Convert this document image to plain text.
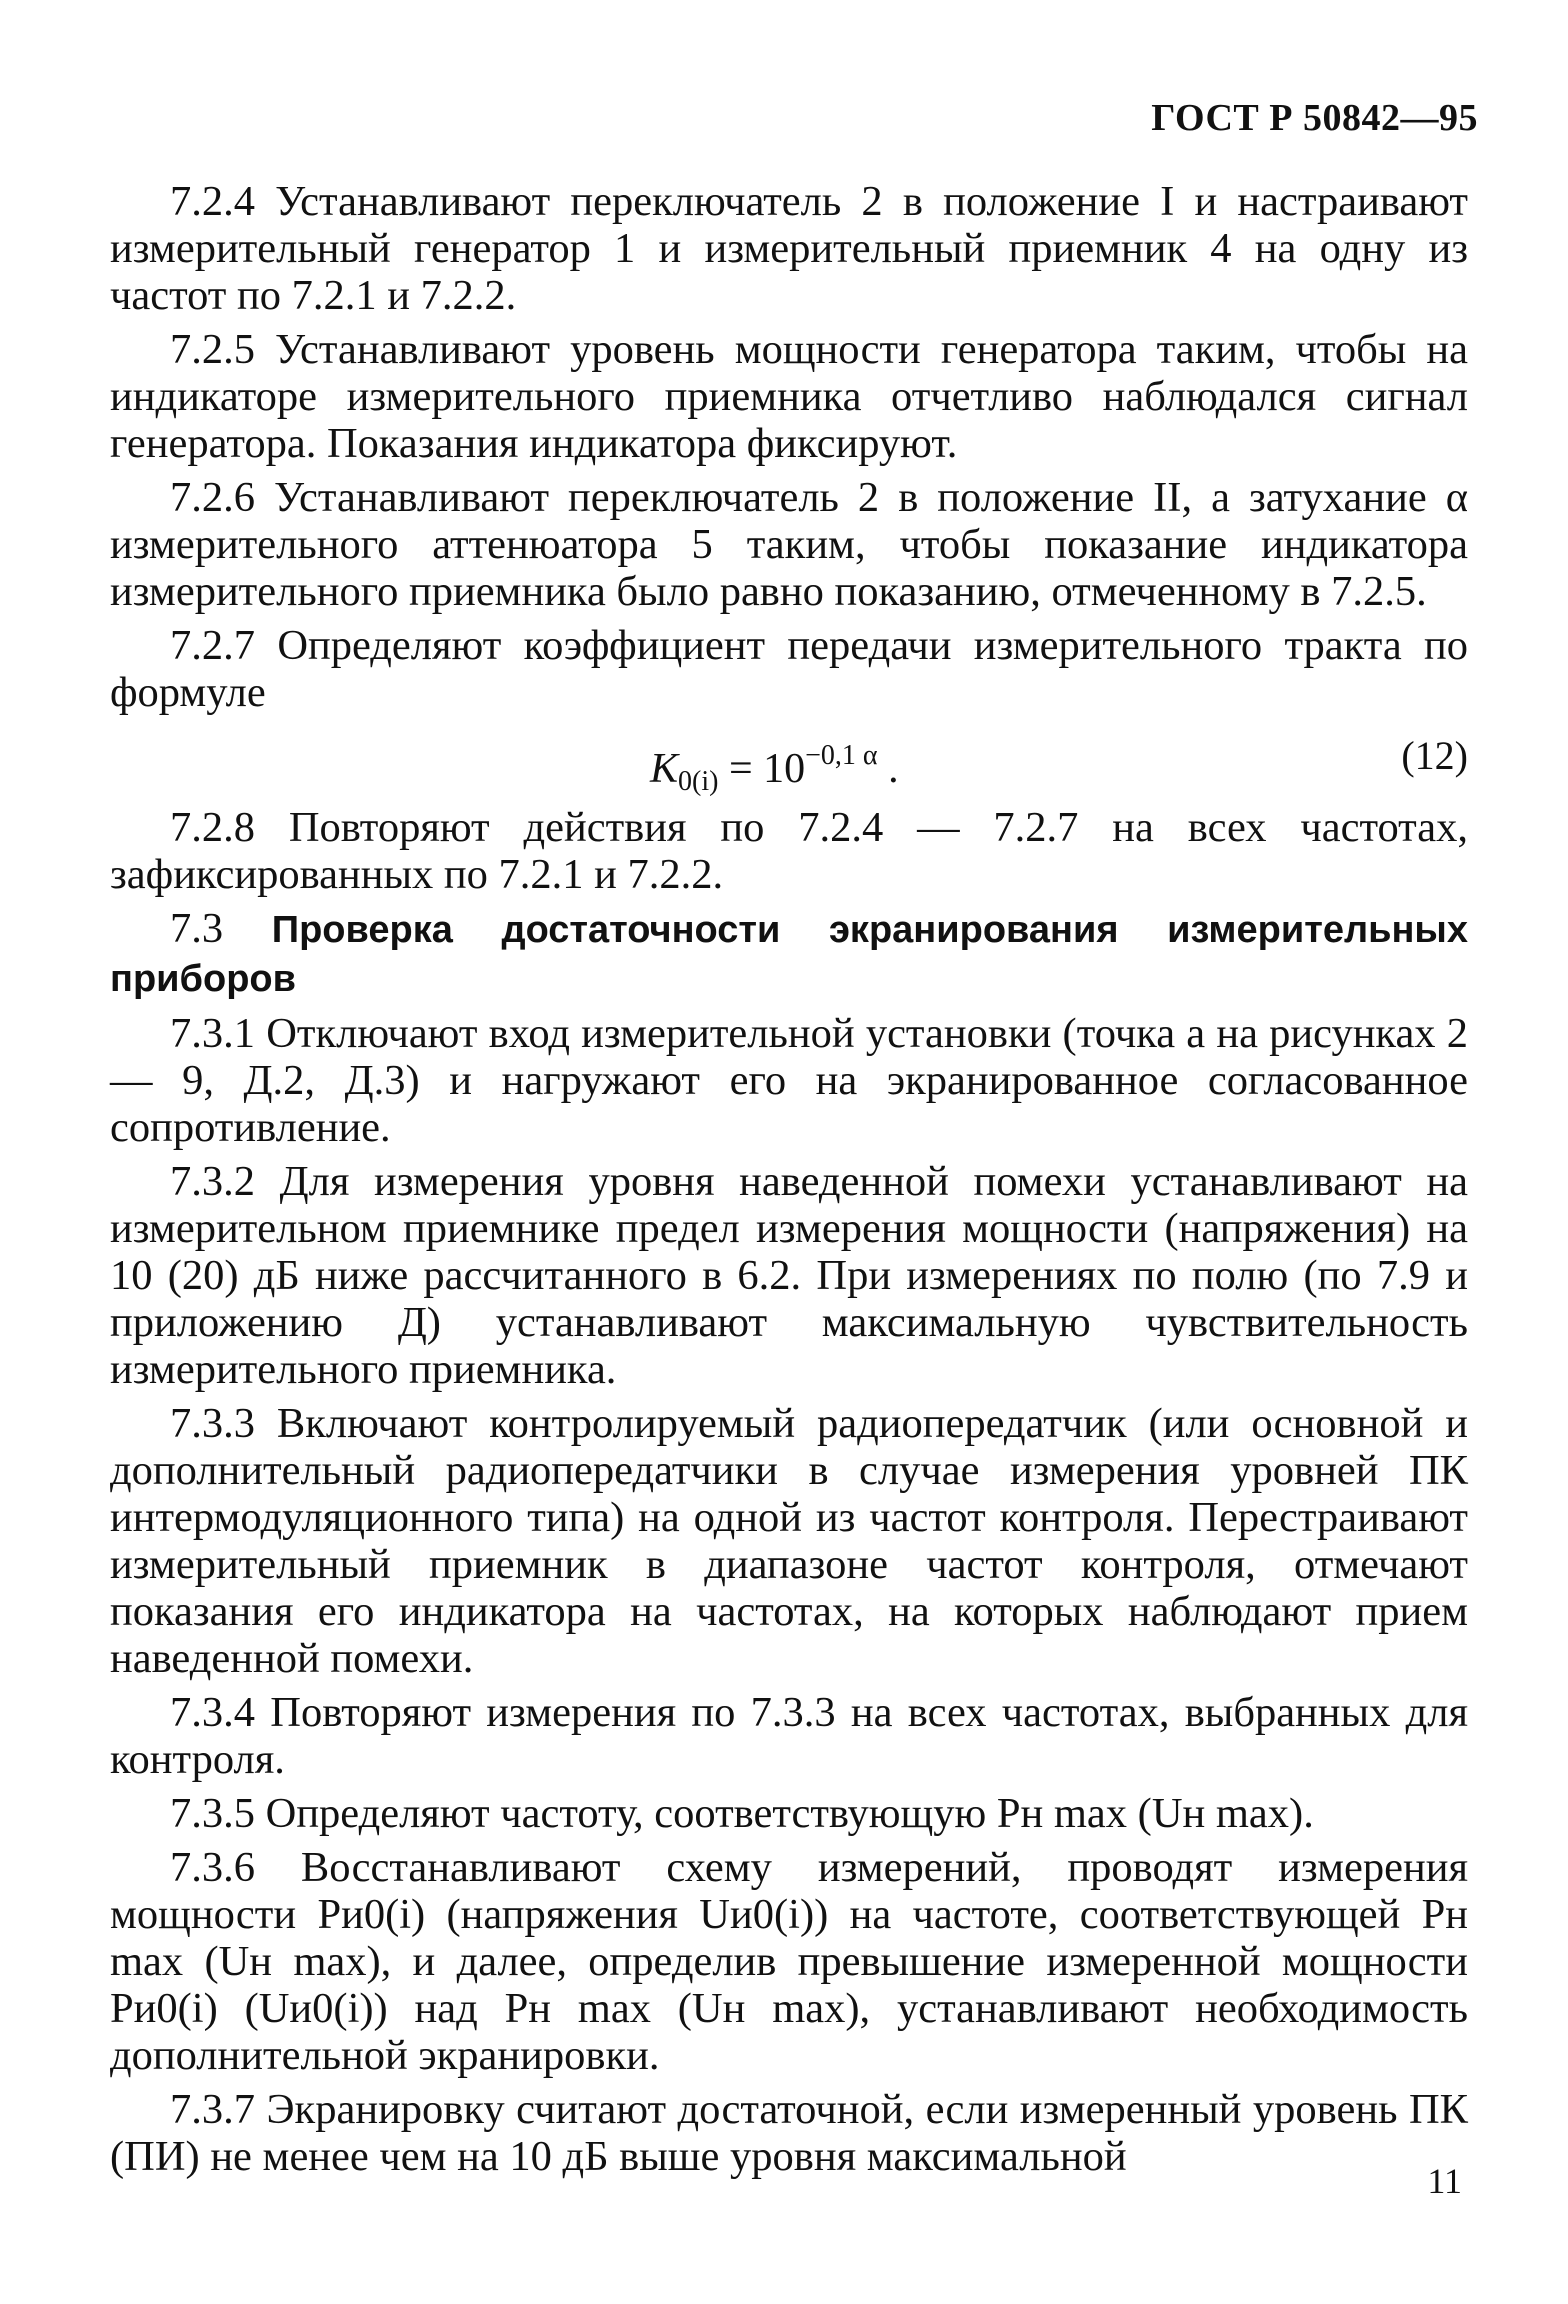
ГОСТ Р 50842—95

7.2.4 Устанавливают переключатель 2 в положение I и настраивают измерительный генератор 1 и измерительный приемник 4 на одну из частот по 7.2.1 и 7.2.2.

7.2.5 Устанавливают уровень мощности генератора таким, чтобы на индикаторе измерительного приемника отчетливо наблюдался сигнал генератора. Показания индикатора фиксируют.

7.2.6 Устанавливают переключатель 2 в положение II, а затухание α измерительного аттенюатора 5 таким, чтобы показание индикатора измерительного приемника было равно показанию, отмеченному в 7.2.5.

7.2.7 Определяют коэффициент передачи измерительного тракта по формуле

$K_{0(i)} = 10^{-0,1 \alpha}$ .	(12)

7.2.8 Повторяют действия по 7.2.4 — 7.2.7 на всех частотах, зафиксированных по 7.2.1 и 7.2.2.

7.3 Проверка достаточности экранирования измерительных приборов

7.3.1 Отключают вход измерительной установки (точка a на рисунках 2— 9, Д.2, Д.3) и нагружают его на экранированное согласованное сопротивление.

7.3.2 Для измерения уровня наведенной помехи устанавливают на измерительном приемнике предел измерения мощности (напряжения) на 10 (20) дБ ниже рассчитанного в 6.2. При измерениях по полю (по 7.9 и приложению Д) устанавливают максимальную чувствительность измерительного приемника.

7.3.3 Включают контролируемый радиопередатчик (или основной и дополнительный радиопередатчики в случае измерения уровней ПК интермодуляционного типа) на одной из частот контроля. Перестраивают измерительный приемник в диапазоне частот контроля, отмечают показания его индикатора на частотах, на которых наблюдают прием наведенной помехи.

7.3.4 Повторяют измерения по 7.3.3 на всех частотах, выбранных для контроля.

7.3.5 Определяют частоту, соответствующую Pн max (Uн max).

7.3.6 Восстанавливают схему измерений, проводят измерения мощности Pи0(i) (напряжения Uи0(i)) на частоте, соответствующей Pн max (Uн max), и далее, определив превышение измеренной мощности Pи0(i) (Uи0(i)) над Pн max (Uн max), устанавливают необходимость дополнительной экранировки.

7.3.7 Экранировку считают достаточной, если измеренный уровень ПК (ПИ) не менее чем на 10 дБ выше уровня максимальной

11
